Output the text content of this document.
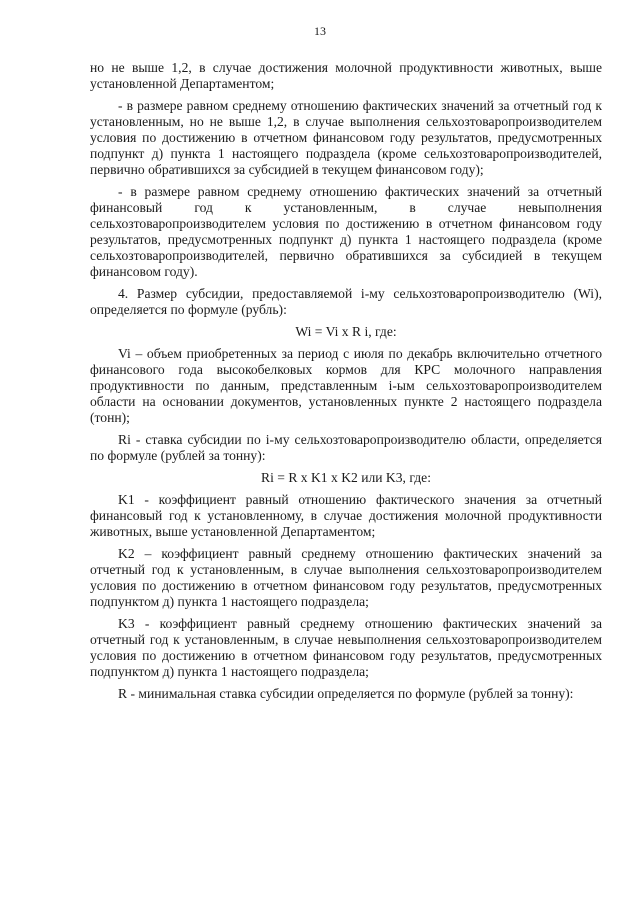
13

но не выше 1,2, в случае достижения молочной продуктивности животных, выше установленной Департаментом;

- в размере равном среднему отношению фактических значений за отчетный год к установленным, но не выше 1,2, в случае выполнения сельхозтоваропроизводителем условия по достижению в отчетном финансовом году результатов, предусмотренных подпункт д) пункта 1 настоящего подраздела (кроме сельхозтоваропроизводителей, первично обратившихся за субсидией в текущем финансовом году);

- в размере равном среднему отношению фактических значений за отчетный финансовый год к установленным, в случае невыполнения сельхозтоваропроизводителем условия по достижению в отчетном финансовом году результатов, предусмотренных подпункт д) пункта 1 настоящего подраздела (кроме сельхозтоваропроизводителей, первично обратившихся за субсидией в текущем финансовом году).

4. Размер субсидии, предоставляемой i-му сельхозтоваропроизводителю (Wi), определяется по формуле (рубль):

Wi = Vi x R i, где:

Vi – объем приобретенных за период с июля по декабрь включительно отчетного финансового года высокобелковых кормов для КРС молочного направления продуктивности по данным, представленным i-ым сельхозтоваропроизводителем области на основании документов, установленных пункте 2 настоящего подраздела (тонн);

Ri - ставка субсидии по i-му сельхозтоваропроизводителю области, определяется по формуле (рублей за тонну):

Ri = R x K1 x K2 или K3, где:

K1 - коэффициент равный отношению фактического значения за отчетный финансовый год к установленному, в случае достижения молочной продуктивности животных, выше установленной Департаментом;

K2 – коэффициент равный среднему отношению фактических значений за отчетный год к установленным, в случае выполнения сельхозтоваропроизводителем условия по достижению в отчетном финансовом году результатов, предусмотренных подпунктом д) пункта 1 настоящего подраздела;

K3 - коэффициент равный среднему отношению фактических значений за отчетный год к установленным, в случае невыполнения сельхозтоваропроизводителем условия по достижению в отчетном финансовом году результатов, предусмотренных подпунктом д) пункта 1 настоящего подраздела;

R - минимальная ставка субсидии определяется по формуле (рублей за тонну):
